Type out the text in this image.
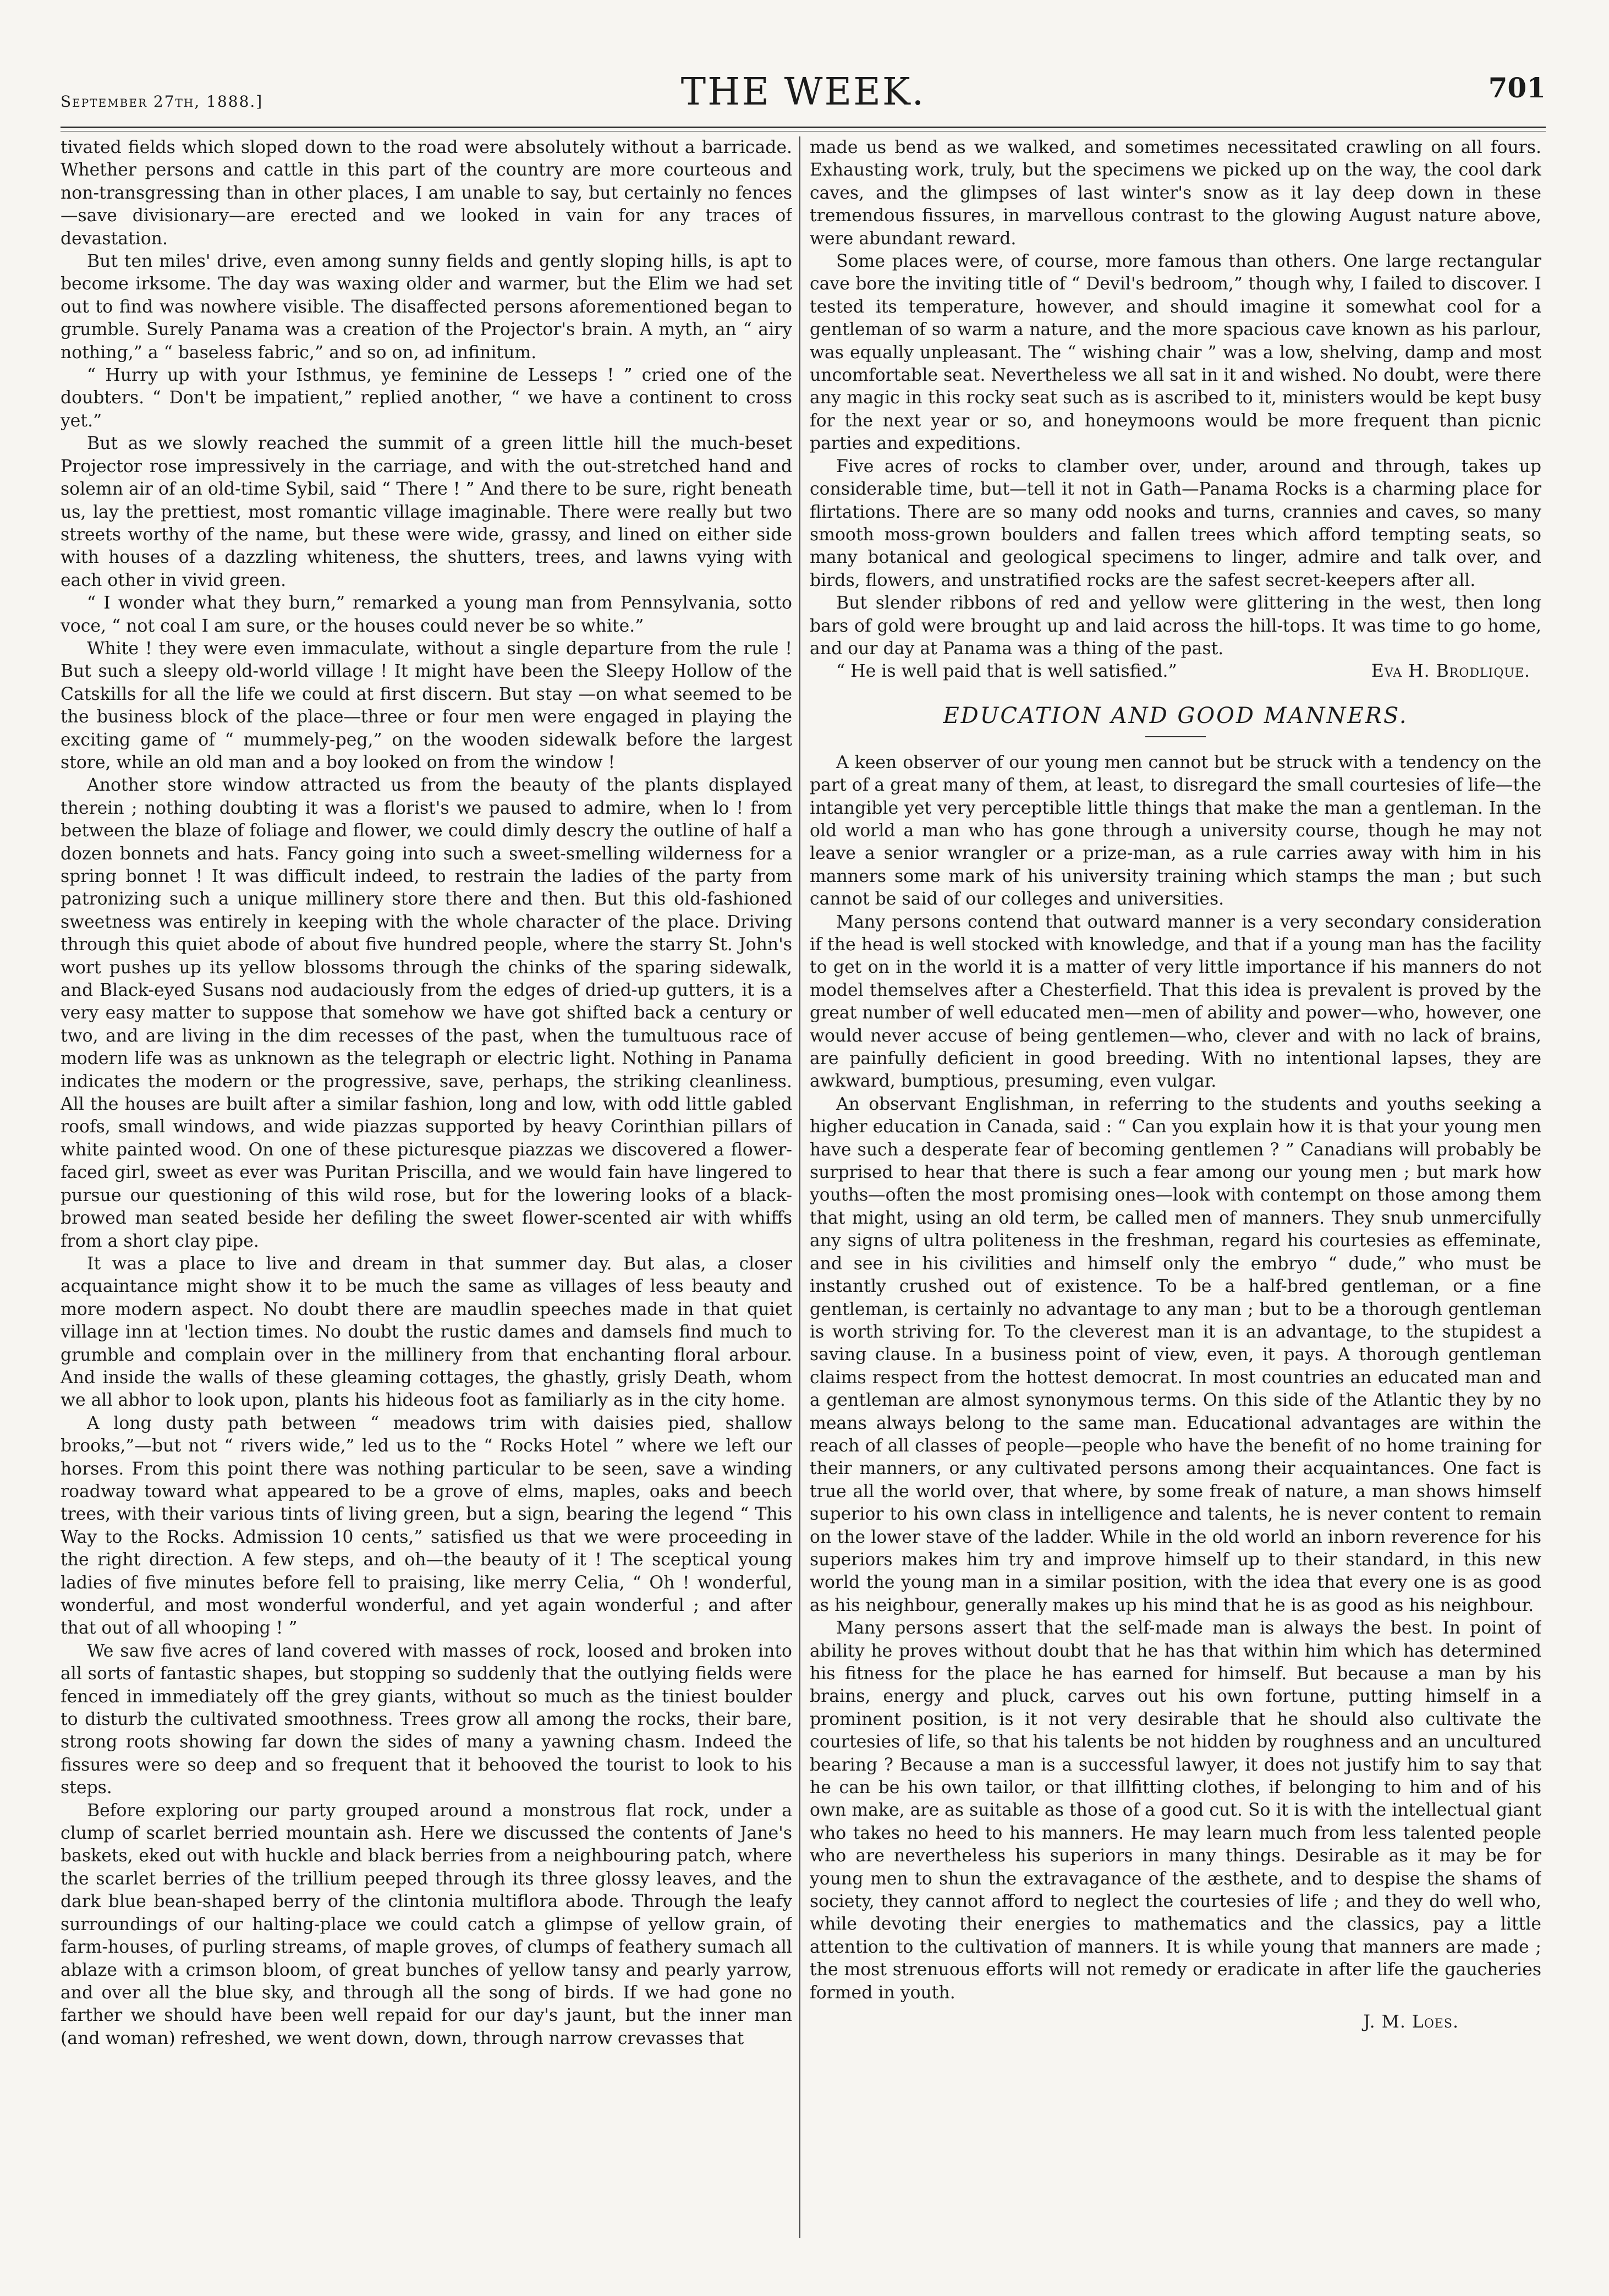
September 27th, 1888.]	THE WEEK.	701

tivated fields which sloped down to the road were absolutely without a barricade. Whether persons and cattle in this part of the country are more courteous and non-transgressing than in other places, I am unable to say, but certainly no fences—save divisionary—are erected and we looked in vain for any traces of devastation.

But ten miles' drive, even among sunny fields and gently sloping hills, is apt to become irksome. The day was waxing older and warmer, but the Elim we had set out to find was nowhere visible. The disaffected persons aforementioned began to grumble. Surely Panama was a creation of the Projector's brain. A myth, an “ airy nothing,” a “ baseless fabric,” and so on, ad infinitum.

“ Hurry up with your Isthmus, ye feminine de Lesseps ! ” cried one of the doubters. “ Don't be impatient,” replied another, “ we have a continent to cross yet.”

But as we slowly reached the summit of a green little hill the much-beset Projector rose impressively in the carriage, and with the out-stretched hand and solemn air of an old-time Sybil, said “ There ! ” And there to be sure, right beneath us, lay the prettiest, most romantic village imaginable. There were really but two streets worthy of the name, but these were wide, grassy, and lined on either side with houses of a dazzling whiteness, the shutters, trees, and lawns vying with each other in vivid green.

“ I wonder what they burn,” remarked a young man from Pennsylvania, sotto voce, “ not coal I am sure, or the houses could never be so white.”

White ! they were even immaculate, without a single departure from the rule ! But such a sleepy old-world village ! It might have been the Sleepy Hollow of the Catskills for all the life we could at first discern. But stay —on what seemed to be the business block of the place—three or four men were engaged in playing the exciting game of “ mummely-peg,” on the wooden sidewalk before the largest store, while an old man and a boy looked on from the window !

Another store window attracted us from the beauty of the plants displayed therein ; nothing doubting it was a florist's we paused to admire, when lo ! from between the blaze of foliage and flower, we could dimly descry the outline of half a dozen bonnets and hats. Fancy going into such a sweet-smelling wilderness for a spring bonnet ! It was difficult indeed, to restrain the ladies of the party from patronizing such a unique millinery store there and then. But this old-fashioned sweetness was entirely in keeping with the whole character of the place. Driving through this quiet abode of about five hundred people, where the starry St. John's wort pushes up its yellow blossoms through the chinks of the sparing sidewalk, and Black-eyed Susans nod audaciously from the edges of dried-up gutters, it is a very easy matter to suppose that somehow we have got shifted back a century or two, and are living in the dim recesses of the past, when the tumultuous race of modern life was as unknown as the telegraph or electric light. Nothing in Panama indicates the modern or the progressive, save, perhaps, the striking cleanliness. All the houses are built after a similar fashion, long and low, with odd little gabled roofs, small windows, and wide piazzas supported by heavy Corinthian pillars of white painted wood. On one of these picturesque piazzas we discovered a flower-faced girl, sweet as ever was Puritan Priscilla, and we would fain have lingered to pursue our questioning of this wild rose, but for the lowering looks of a black-browed man seated beside her defiling the sweet flower-scented air with whiffs from a short clay pipe.

It was a place to live and dream in that summer day. But alas, a closer acquaintance might show it to be much the same as villages of less beauty and more modern aspect. No doubt there are maudlin speeches made in that quiet village inn at 'lection times. No doubt the rustic dames and damsels find much to grumble and complain over in the millinery from that enchanting floral arbour. And inside the walls of these gleaming cottages, the ghastly, grisly Death, whom we all abhor to look upon, plants his hideous foot as familiarly as in the city home.

A long dusty path between “ meadows trim with daisies pied, shallow brooks,”—but not “ rivers wide,” led us to the “ Rocks Hotel ” where we left our horses. From this point there was nothing particular to be seen, save a winding roadway toward what appeared to be a grove of elms, maples, oaks and beech trees, with their various tints of living green, but a sign, bearing the legend “ This Way to the Rocks. Admission 10 cents,” satisfied us that we were proceeding in the right direction. A few steps, and oh—the beauty of it ! The sceptical young ladies of five minutes before fell to praising, like merry Celia, “ Oh ! wonderful, wonderful, and most wonderful wonderful, and yet again wonderful ; and after that out of all whooping ! ”

We saw five acres of land covered with masses of rock, loosed and broken into all sorts of fantastic shapes, but stopping so suddenly that the outlying fields were fenced in immediately off the grey giants, without so much as the tiniest boulder to disturb the cultivated smoothness. Trees grow all among the rocks, their bare, strong roots showing far down the sides of many a yawning chasm. Indeed the fissures were so deep and so frequent that it behooved the tourist to look to his steps.

Before exploring our party grouped around a monstrous flat rock, under a clump of scarlet berried mountain ash. Here we discussed the contents of Jane's baskets, eked out with huckle and black berries from a neighbouring patch, where the scarlet berries of the trillium peeped through its three glossy leaves, and the dark blue bean-shaped berry of the clintonia multiflora abode. Through the leafy surroundings of our halting-place we could catch a glimpse of yellow grain, of farm-houses, of purling streams, of maple groves, of clumps of feathery sumach all ablaze with a crimson bloom, of great bunches of yellow tansy and pearly yarrow, and over all the blue sky, and through all the song of birds. If we had gone no farther we should have been well repaid for our day's jaunt, but the inner man (and woman) refreshed, we went down, down, through narrow crevasses that

made us bend as we walked, and sometimes necessitated crawling on all fours. Exhausting work, truly, but the specimens we picked up on the way, the cool dark caves, and the glimpses of last winter's snow as it lay deep down in these tremendous fissures, in marvellous contrast to the glowing August nature above, were abundant reward.

Some places were, of course, more famous than others. One large rectangular cave bore the inviting title of “ Devil's bedroom,” though why, I failed to discover. I tested its temperature, however, and should imagine it somewhat cool for a gentleman of so warm a nature, and the more spacious cave known as his parlour, was equally unpleasant. The “ wishing chair ” was a low, shelving, damp and most uncomfortable seat. Nevertheless we all sat in it and wished. No doubt, were there any magic in this rocky seat such as is ascribed to it, ministers would be kept busy for the next year or so, and honeymoons would be more frequent than picnic parties and expeditions.

Five acres of rocks to clamber over, under, around and through, takes up considerable time, but—tell it not in Gath—Panama Rocks is a charming place for flirtations. There are so many odd nooks and turns, crannies and caves, so many smooth moss-grown boulders and fallen trees which afford tempting seats, so many botanical and geological specimens to linger, admire and talk over, and birds, flowers, and unstratified rocks are the safest secret-keepers after all.

But slender ribbons of red and yellow were glittering in the west, then long bars of gold were brought up and laid across the hill-tops. It was time to go home, and our day at Panama was a thing of the past.

“ He is well paid that is well satisfied.”	Eva H. Brodlique.
EDUCATION AND GOOD MANNERS.

A keen observer of our young men cannot but be struck with a tendency on the part of a great many of them, at least, to disregard the small courtesies of life—the intangible yet very perceptible little things that make the man a gentleman. In the old world a man who has gone through a university course, though he may not leave a senior wrangler or a prize-man, as a rule carries away with him in his manners some mark of his university training which stamps the man ; but such cannot be said of our colleges and universities.

Many persons contend that outward manner is a very secondary consideration if the head is well stocked with knowledge, and that if a young man has the facility to get on in the world it is a matter of very little importance if his manners do not model themselves after a Chesterfield. That this idea is prevalent is proved by the great number of well educated men—men of ability and power—who, however, one would never accuse of being gentlemen—who, clever and with no lack of brains, are painfully deficient in good breeding. With no intentional lapses, they are awkward, bumptious, presuming, even vulgar.

An observant Englishman, in referring to the students and youths seeking a higher education in Canada, said : “ Can you explain how it is that your young men have such a desperate fear of becoming gentlemen ? ” Canadians will probably be surprised to hear that there is such a fear among our young men ; but mark how youths—often the most promising ones—look with contempt on those among them that might, using an old term, be called men of manners. They snub unmercifully any signs of ultra politeness in the freshman, regard his courtesies as effeminate, and see in his civilities and himself only the embryo “ dude,” who must be instantly crushed out of existence. To be a half-bred gentleman, or a fine gentleman, is certainly no advantage to any man ; but to be a thorough gentleman is worth striving for. To the cleverest man it is an advantage, to the stupidest a saving clause. In a business point of view, even, it pays. A thorough gentleman claims respect from the hottest democrat. In most countries an educated man and a gentleman are almost synonymous terms. On this side of the Atlantic they by no means always belong to the same man. Educational advantages are within the reach of all classes of people—people who have the benefit of no home training for their manners, or any cultivated persons among their acquaintances. One fact is true all the world over, that where, by some freak of nature, a man shows himself superior to his own class in intelligence and talents, he is never content to remain on the lower stave of the ladder. While in the old world an inborn reverence for his superiors makes him try and improve himself up to their standard, in this new world the young man in a similar position, with the idea that every one is as good as his neighbour, generally makes up his mind that he is as good as his neighbour.

Many persons assert that the self-made man is always the best. In point of ability he proves without doubt that he has that within him which has determined his fitness for the place he has earned for himself. But because a man by his brains, energy and pluck, carves out his own fortune, putting himself in a prominent position, is it not very desirable that he should also cultivate the courtesies of life, so that his talents be not hidden by roughness and an uncultured bearing ? Because a man is a successful lawyer, it does not justify him to say that he can be his own tailor, or that illfitting clothes, if belonging to him and of his own make, are as suitable as those of a good cut. So it is with the intellectual giant who takes no heed to his manners. He may learn much from less talented people who are nevertheless his superiors in many things. Desirable as it may be for young men to shun the extravagance of the æsthete, and to despise the shams of society, they cannot afford to neglect the courtesies of life ; and they do well who, while devoting their energies to mathematics and the classics, pay a little attention to the cultivation of manners. It is while young that manners are made ; the most strenuous efforts will not remedy or eradicate in after life the gaucheries formed in youth.

J. M. Loes.
